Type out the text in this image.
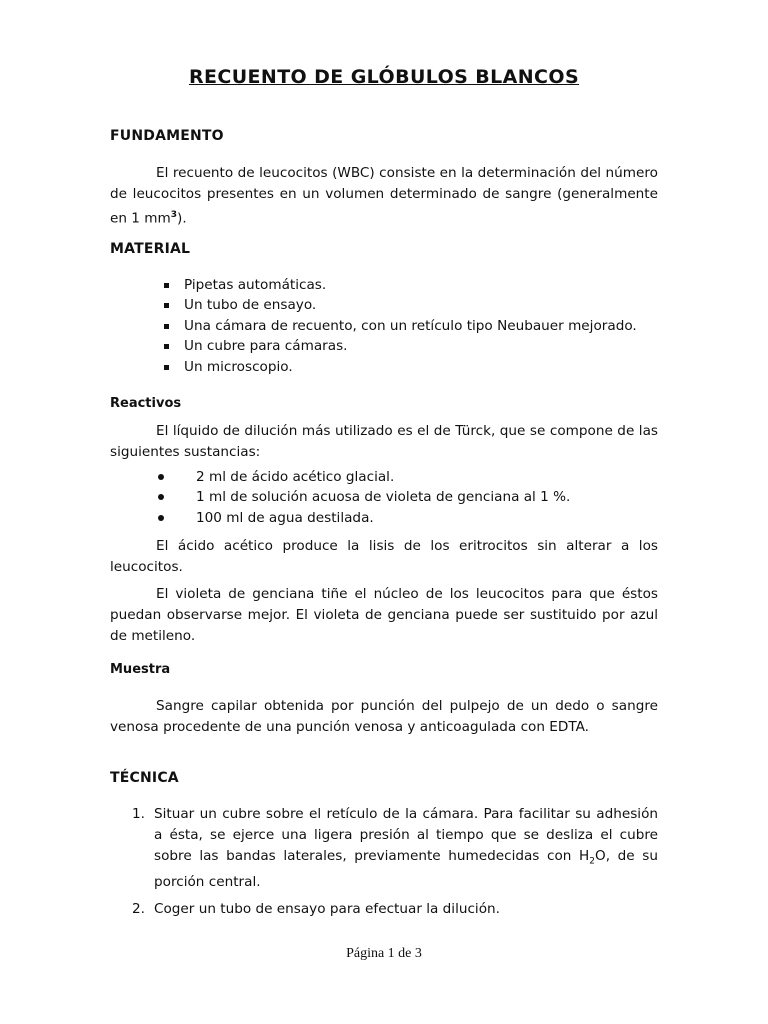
RECUENTO DE GLÓBULOS BLANCOS
FUNDAMENTO
El recuento de leucocitos (WBC) consiste en la determinación del número de leucocitos presentes en un volumen determinado de sangre (generalmente en 1 $mm^3$).
MATERIAL
Pipetas automáticas.
Un tubo de ensayo.
Una cámara de recuento, con un retículo tipo Neubauer mejorado.
Un cubre para cámaras.
Un microscopio.
Reactivos
El líquido de dilución más utilizado es el de Türck, que se compone de las siguientes sustancias:
2 ml de ácido acético glacial.
1 ml de solución acuosa de violeta de genciana al 1 %.
100 ml de agua destilada.
El ácido acético produce la lisis de los eritrocitos sin alterar a los leucocitos.
El violeta de genciana tiñe el núcleo de los leucocitos para que éstos puedan observarse mejor. El violeta de genciana puede ser sustituido por azul de metileno.
Muestra
Sangre capilar obtenida por punción del pulpejo de un dedo o sangre venosa procedente de una punción venosa y anticoagulada con EDTA.
TÉCNICA
1. Situar un cubre sobre el retículo de la cámara. Para facilitar su adhesión a ésta, se ejerce una ligera presión al tiempo que se desliza el cubre sobre las bandas laterales, previamente humedecidas con $H_2O$, de su porción central.
2. Coger un tubo de ensayo para efectuar la dilución.
Página 1 de 3
